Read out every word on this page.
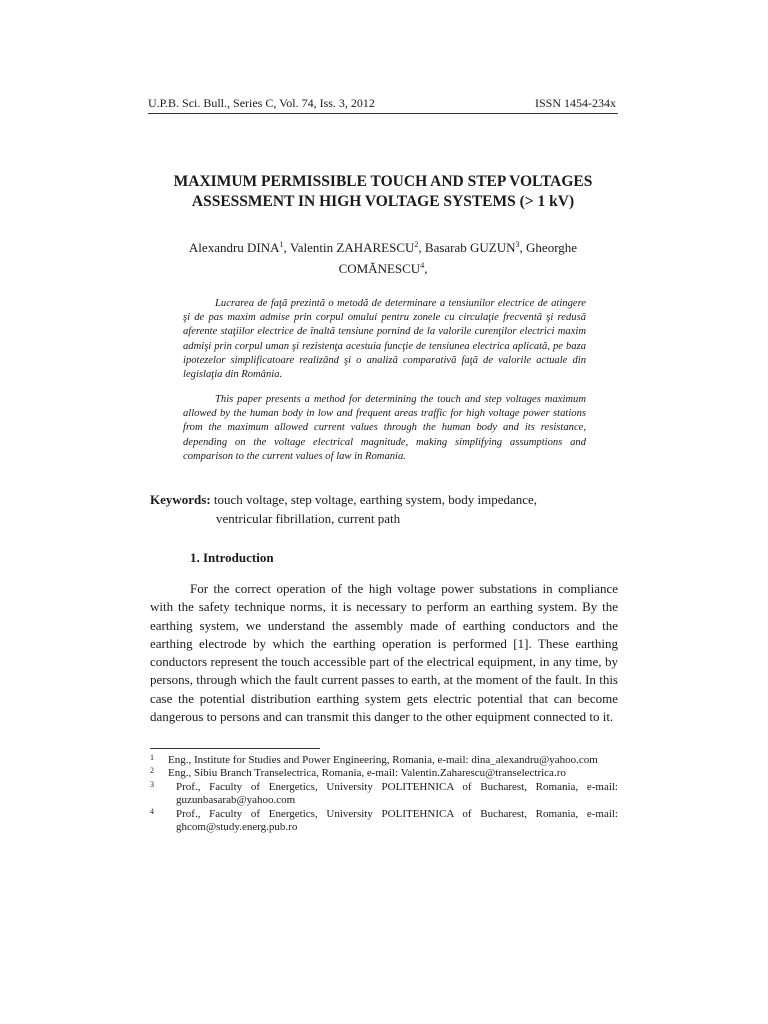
U.P.B. Sci. Bull., Series C, Vol. 74, Iss. 3, 2012	ISSN 1454-234x
MAXIMUM PERMISSIBLE TOUCH AND STEP VOLTAGES
ASSESSMENT IN HIGH VOLTAGE SYSTEMS (> 1 kV)
Alexandru DINA$^1$, Valentin ZAHARESCU$^2$, Basarab GUZUN$^3$, Gheorghe
COMĂNESCU$^4$,

Lucrarea de faţă prezintă o metodă de determinare a tensiunilor electrice de atingere şi de pas maxim admise prin corpul omului pentru zonele cu circulaţie frecventă şi redusă aferente staţiilor electrice de înaltă tensiune pornind de la valorile curenţilor electrici maxim admişi prin corpul uman şi rezistenţa acestuia funcţie de tensiunea electrica aplicată, pe baza ipotezelor simplificatoare realizând şi o analiză comparativă faţă de valorile actuale din legislaţia din România.

This paper presents a method for determining the touch and step voltages maximum allowed by the human body in low and frequent areas traffic for high voltage power stations from the maximum allowed current values through the human body and its resistance, depending on the voltage electrical magnitude, making simplifying assumptions and comparison to the current values of law in Romania.

Keywords: touch voltage, step voltage, earthing system, body impedance,
ventricular fibrillation, current path
1. Introduction

For the correct operation of the high voltage power substations in compliance with the safety technique norms, it is necessary to perform an earthing system. By the earthing system, we understand the assembly made of earthing conductors and the earthing electrode by which the earthing operation is performed [1]. These earthing conductors represent the touch accessible part of the electrical equipment, in any time, by persons, through which the fault current passes to earth, at the moment of the fault. In this case the potential distribution earthing system gets electric potential that can become dangerous to persons and can transmit this danger to the other equipment connected to it.

1	Eng., Institute for Studies and Power Engineering, Romania, e-mail: dina_alexandru@yahoo.com
2	Eng., Sibiu Branch Transelectrica, Romania, e-mail: Valentin.Zaharescu@transelectrica.ro
3 Prof., Faculty of Energetics, University POLITEHNICA of Bucharest, Romania, e-mail: guzunbasarab@yahoo.com
4 Prof., Faculty of Energetics, University POLITEHNICA of Bucharest, Romania, e-mail: ghcom@study.energ.pub.ro
